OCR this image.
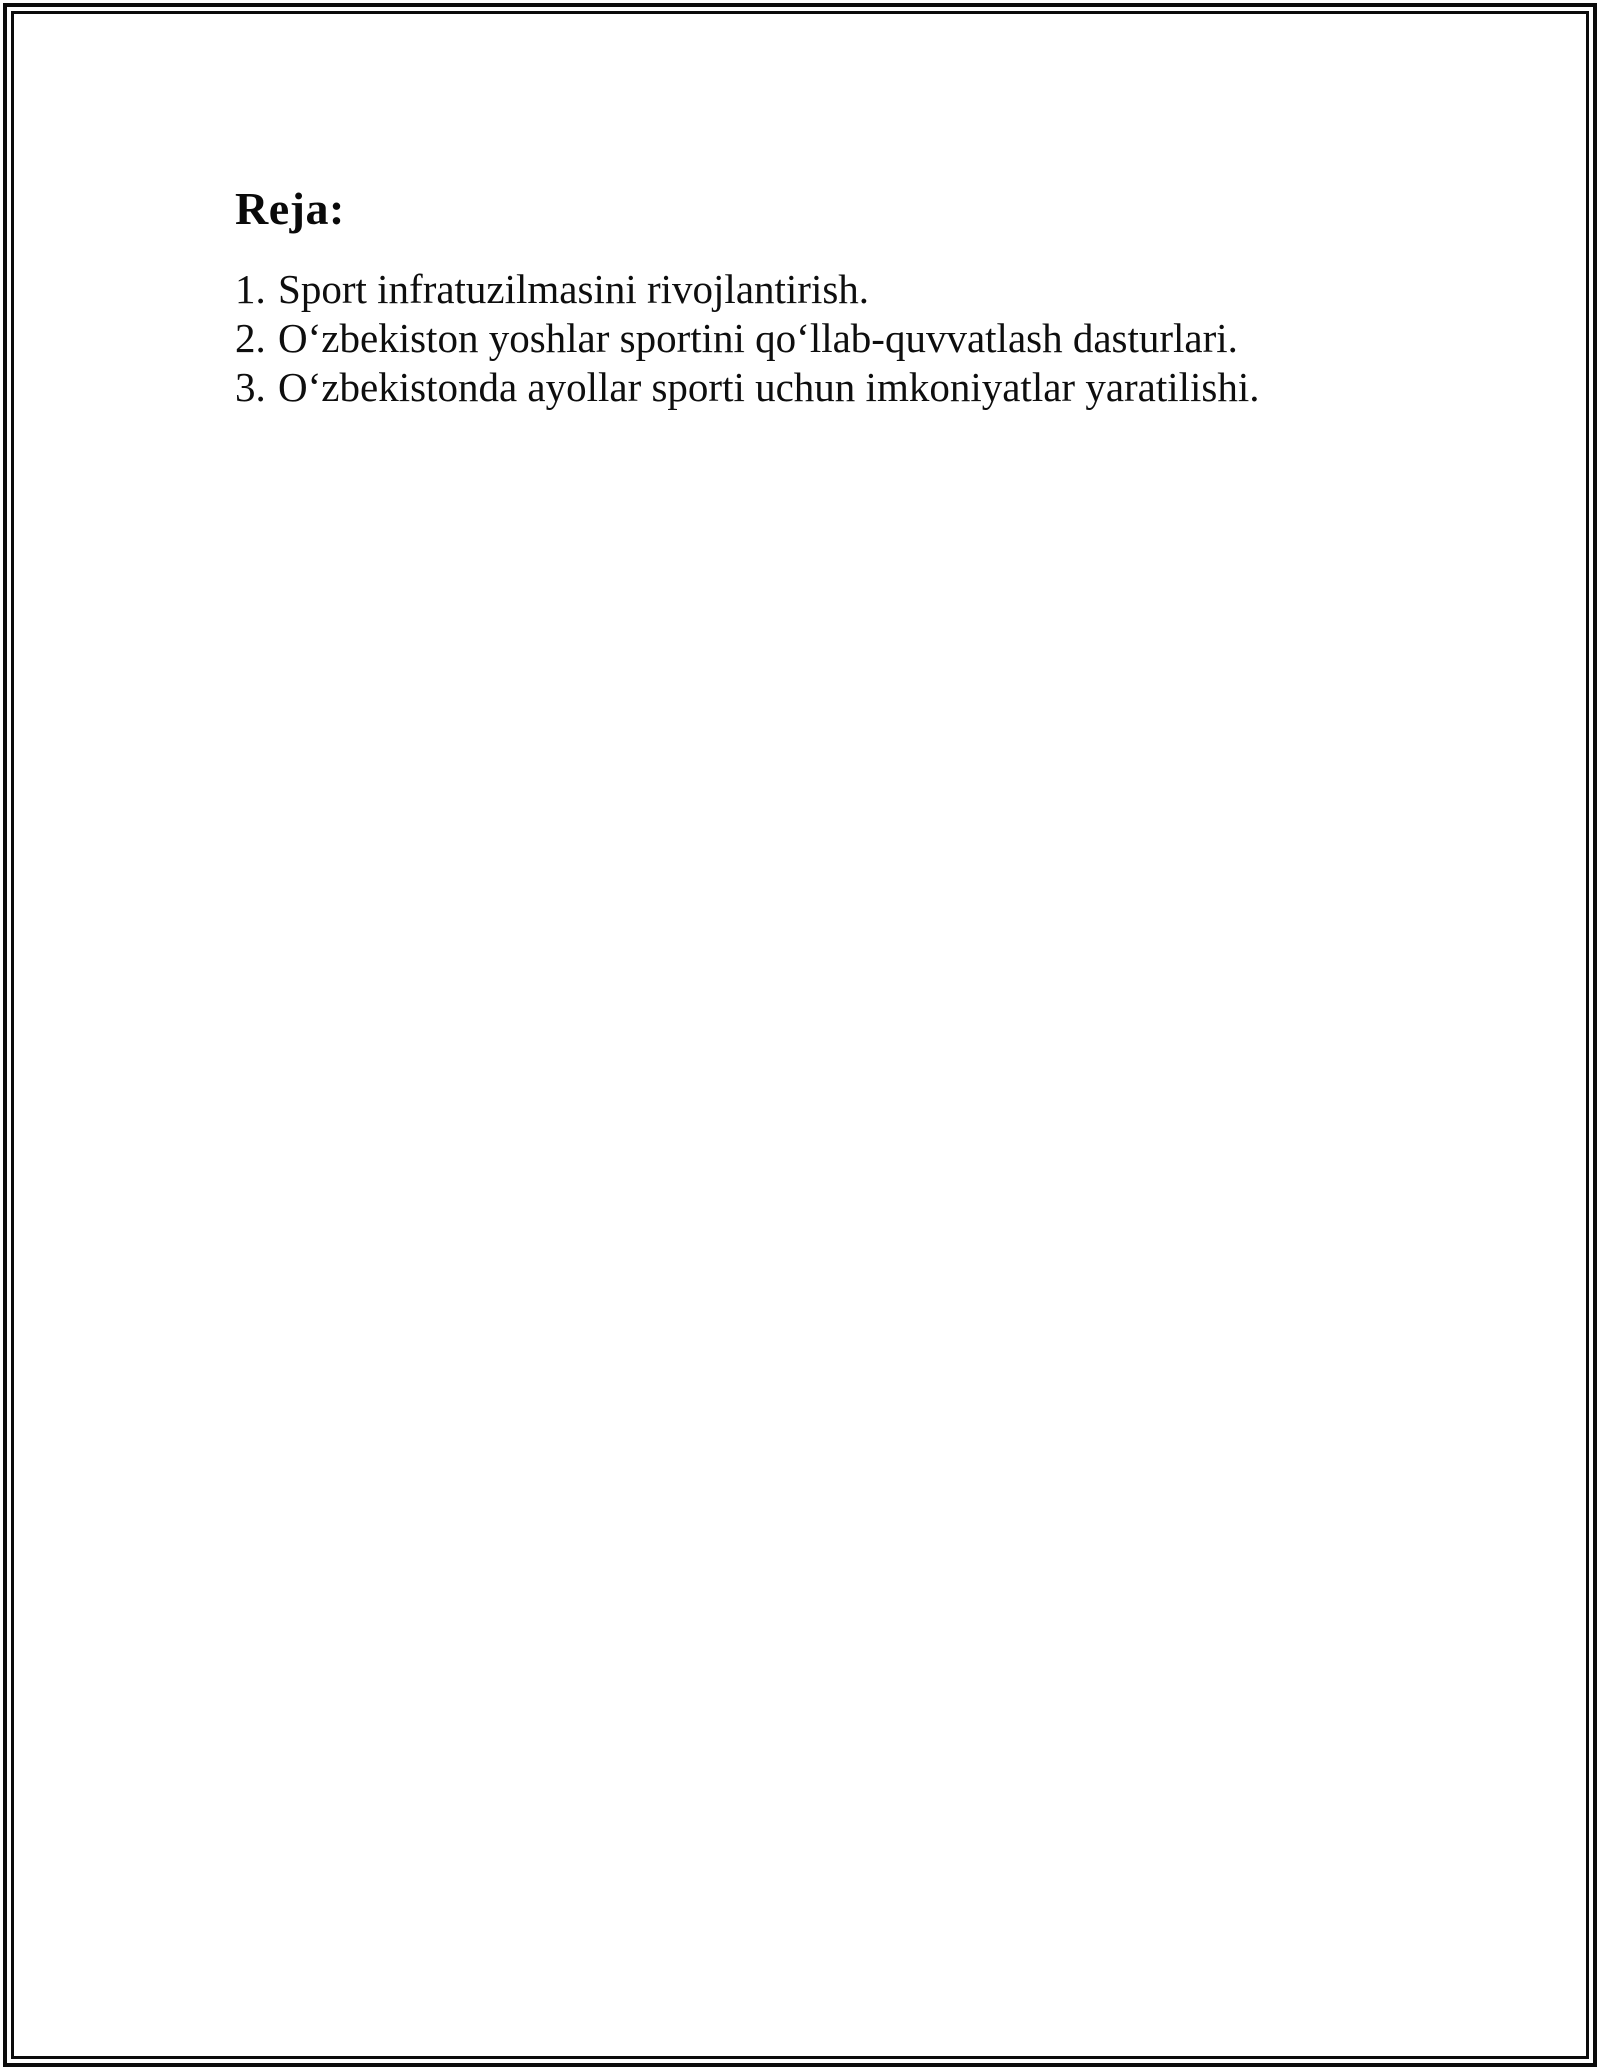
Reja:
1. Sport infratuzilmasini rivojlantirish.
2. O‘zbekiston yoshlar sportini qo‘llab-quvvatlash dasturlari.
3. O‘zbekistonda ayollar sporti uchun imkoniyatlar yaratilishi.
